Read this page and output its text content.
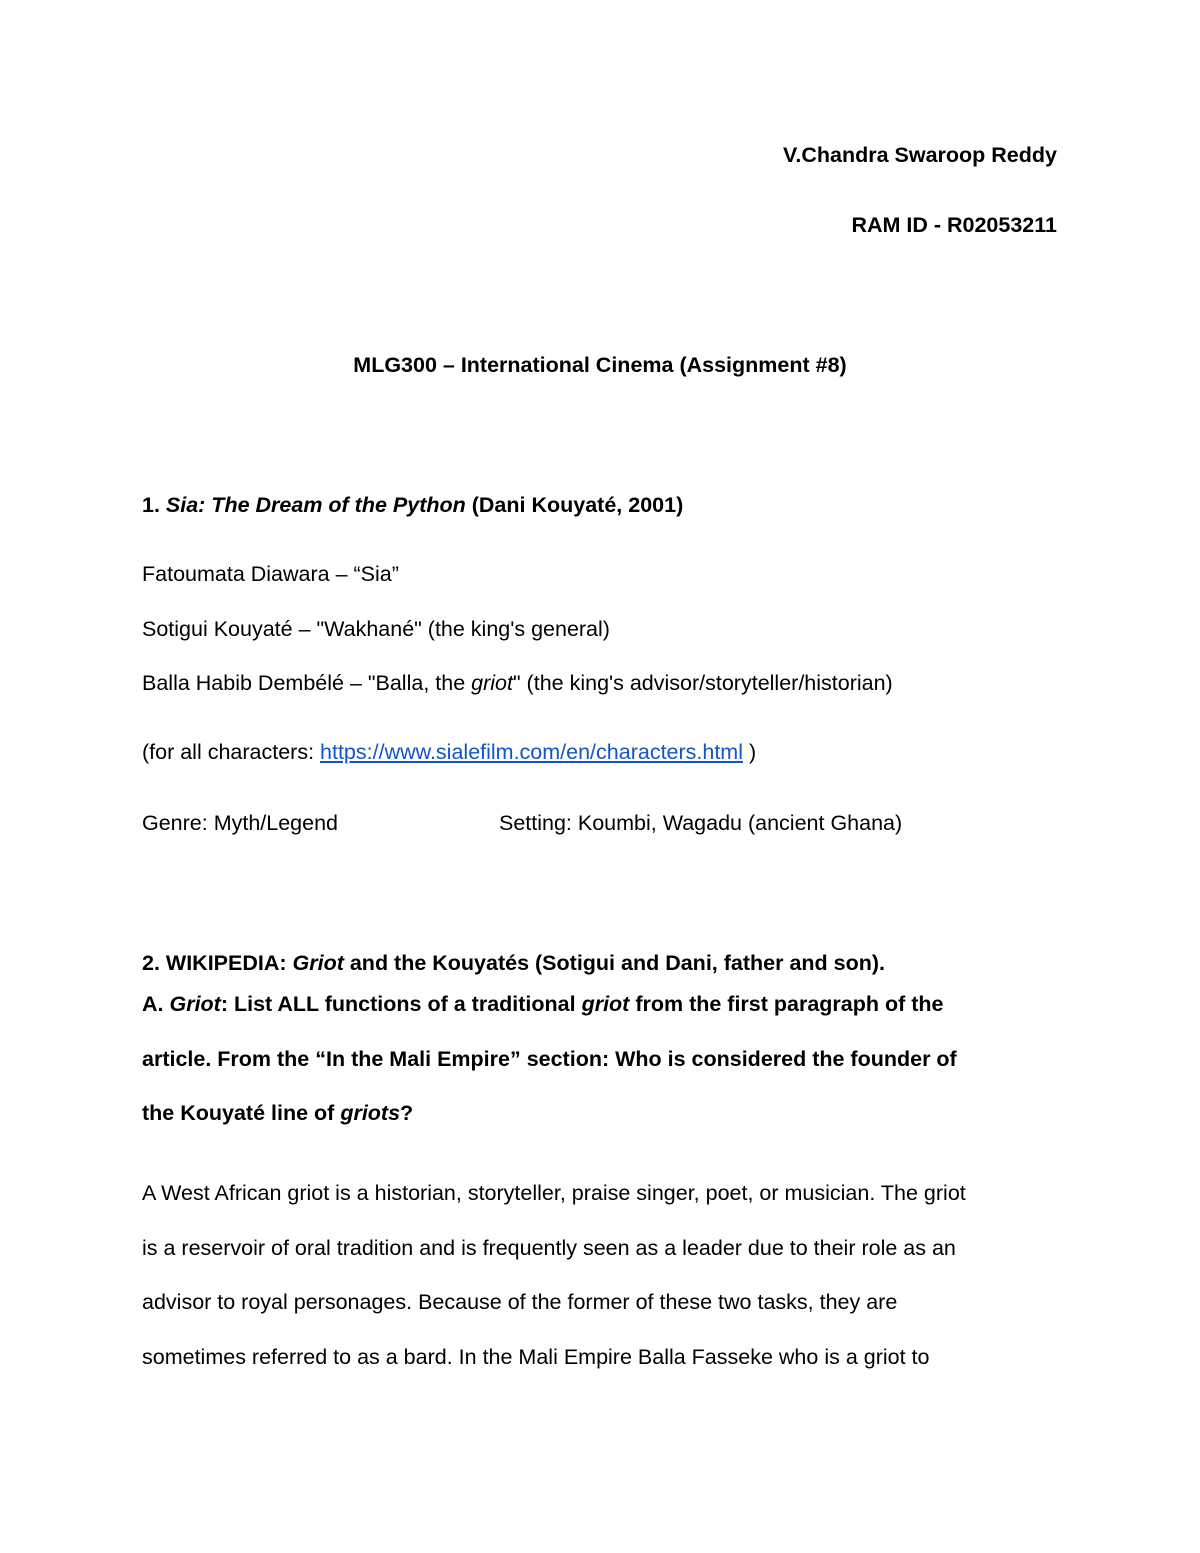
V.Chandra Swaroop Reddy
RAM ID - R02053211
MLG300 – International Cinema (Assignment #8)
1. Sia: The Dream of the Python (Dani Kouyaté, 2001)
Fatoumata Diawara – “Sia”
Sotigui Kouyaté – "Wakhané" (the king's general)
Balla Habib Dembélé – "Balla, the griot" (the king's advisor/storyteller/historian)
(for all characters: https://www.sialefilm.com/en/characters.html )
Genre: Myth/Legend	Setting: Koumbi, Wagadu (ancient Ghana)
2. WIKIPEDIA: Griot and the Kouyatés (Sotigui and Dani, father and son).
A. Griot: List ALL functions of a traditional griot from the first paragraph of the
article. From the “In the Mali Empire” section: Who is considered the founder of
the Kouyaté line of griots?
A West African griot is a historian, storyteller, praise singer, poet, or musician. The griot
is a reservoir of oral tradition and is frequently seen as a leader due to their role as an
advisor to royal personages. Because of the former of these two tasks, they are
sometimes referred to as a bard. In the Mali Empire Balla Fasseke who is a griot to
